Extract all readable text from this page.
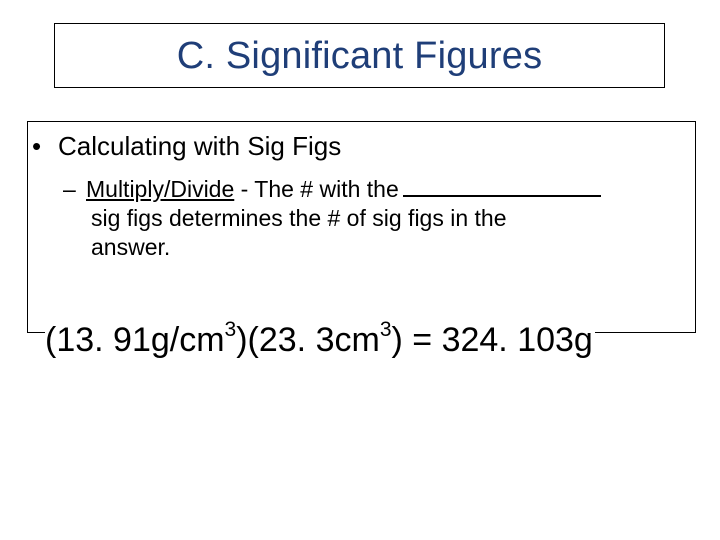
C. Significant Figures
• Calculating with Sig Figs
– Multiply/Divide - The # with the
sig figs determines the # of sig figs in the
answer.
(13. $91g/cm^3)(23$. $3cm^3) = 324$. 103g
